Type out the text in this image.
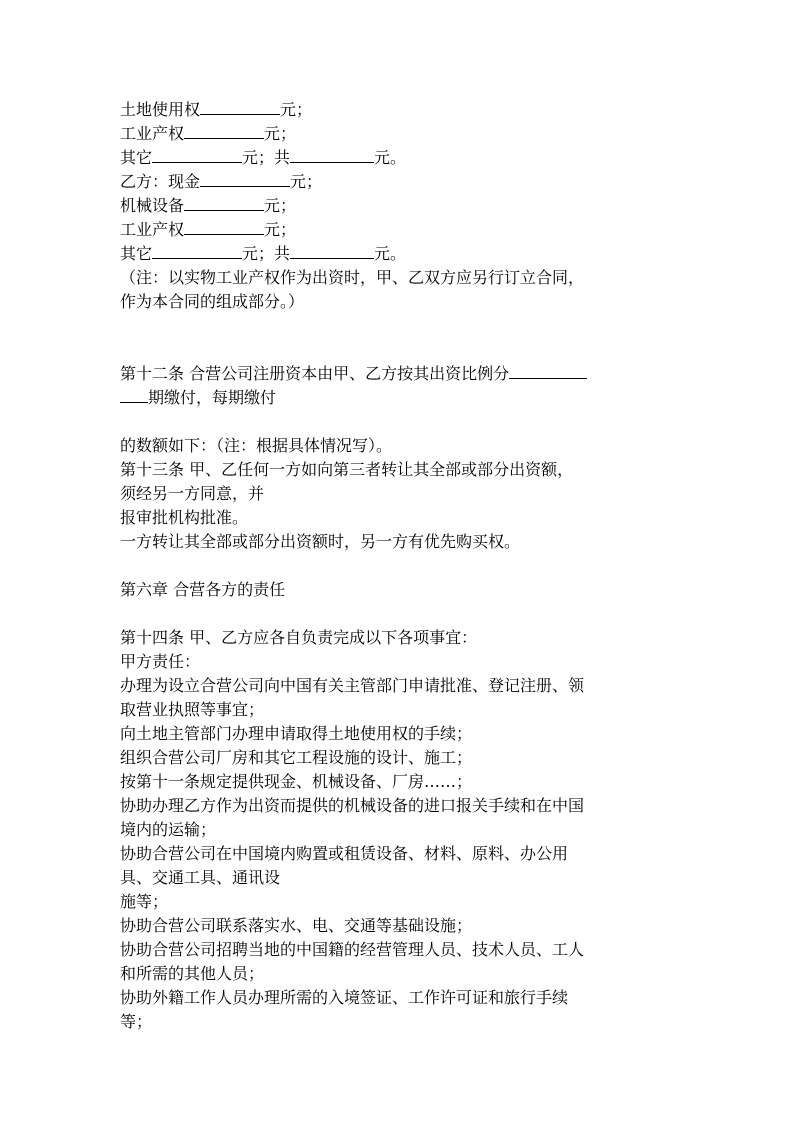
土地使用权	元；
工业产权	元；
其它	元；共	元。
乙方：现金	元；
机械设备	元；
工业产权	元；
其它	元；共	元。
（注：以实物工业产权作为出资时，甲、乙双方应另行订立合同，
作为本合同的组成部分。）
第十二条 合营公司注册资本由甲、乙方按其出资比例分
期缴付，每期缴付
的数额如下：（注：根据具体情况写）。
第十三条 甲、乙任何一方如向第三者转让其全部或部分出资额，
须经另一方同意，并
报审批机构批准。
一方转让其全部或部分出资额时，另一方有优先购买权。
第六章 合营各方的责任
第十四条 甲、乙方应各自负责完成以下各项事宜：
甲方责任：
办理为设立合营公司向中国有关主管部门申请批准、登记注册、领
取营业执照等事宜；
向土地主管部门办理申请取得土地使用权的手续；
组织合营公司厂房和其它工程设施的设计、施工；
按第十一条规定提供现金、机械设备、厂房……；
协助办理乙方作为出资而提供的机械设备的进口报关手续和在中国
境内的运输；
协助合营公司在中国境内购置或租赁设备、材料、原料、办公用
具、交通工具、通讯设
施等；
协助合营公司联系落实水、电、交通等基础设施；
协助合营公司招聘当地的中国籍的经营管理人员、技术人员、工人
和所需的其他人员；
协助外籍工作人员办理所需的入境签证、工作许可证和旅行手续
等；
